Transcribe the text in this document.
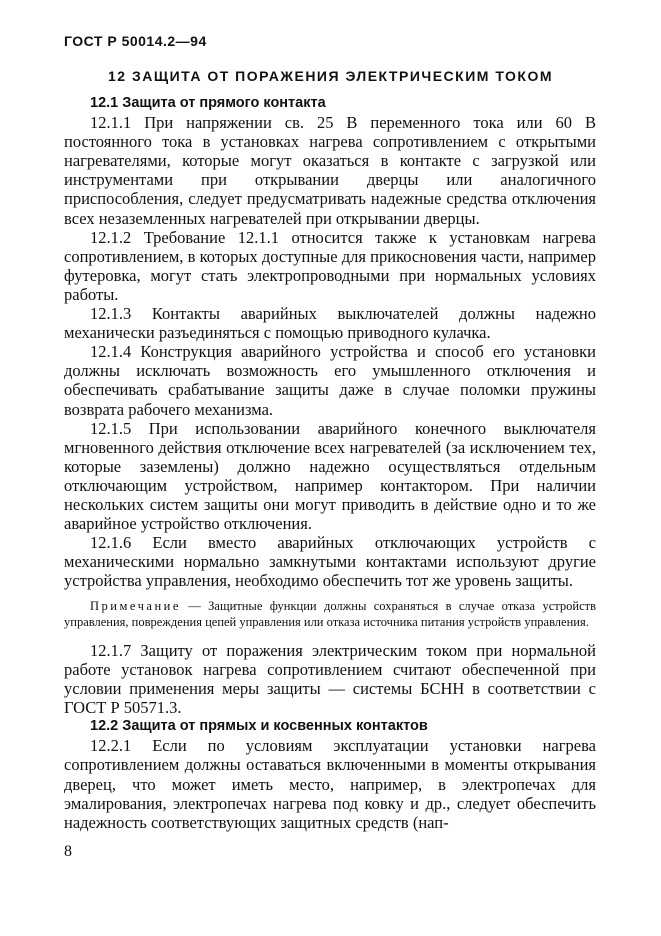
ГОСТ Р 50014.2—94
12 ЗАЩИТА ОТ ПОРАЖЕНИЯ ЭЛЕКТРИЧЕСКИМ ТОКОМ
12.1 Защита от прямого контакта

12.1.1 При напряжении св. 25 В переменного тока или 60 В постоянного тока в установках нагрева сопротивлением с открытыми нагревателями, которые могут оказаться в контакте с загрузкой или инструментами при открывании дверцы или аналогичного приспособления, следует предусматривать надежные средства отключения всех незаземленных нагревателей при открывании дверцы.

12.1.2 Требование 12.1.1 относится также к установкам нагрева сопротивлением, в которых доступные для прикосновения части, например футеровка, могут стать электропроводными при нормальных условиях работы.

12.1.3 Контакты аварийных выключателей должны надежно механически разъединяться с помощью приводного кулачка.

12.1.4 Конструкция аварийного устройства и способ его установки должны исключать возможность его умышленного отключения и обеспечивать срабатывание защиты даже в случае поломки пружины возврата рабочего механизма.

12.1.5 При использовании аварийного конечного выключателя мгновенного действия отключение всех нагревателей (за исключением тех, которые заземлены) должно надежно осуществляться отдельным отключающим устройством, например контактором. При наличии нескольких систем защиты они могут приводить в действие одно и то же аварийное устройство отключения.

12.1.6 Если вместо аварийных отключающих устройств с механическими нормально замкнутыми контактами используют другие устройства управления, необходимо обеспечить тот же уровень защиты.

Примечание — Защитные функции должны сохраняться в случае отказа устройств управления, повреждения цепей управления или отказа источника питания устройств управления.

12.1.7 Защиту от поражения электрическим током при нормальной работе установок нагрева сопротивлением считают обеспеченной при условии применения меры защиты — системы БСНН в соответствии с ГОСТ Р 50571.3.

12.2 Защита от прямых и косвенных контактов

12.2.1 Если по условиям эксплуатации установки нагрева сопротивлением должны оставаться включенными в моменты открывания дверец, что может иметь место, например, в электропечах для эмалирования, электропечах нагрева под ковку и др., следует обеспечить надежность соответствующих защитных средств (нап-

8
